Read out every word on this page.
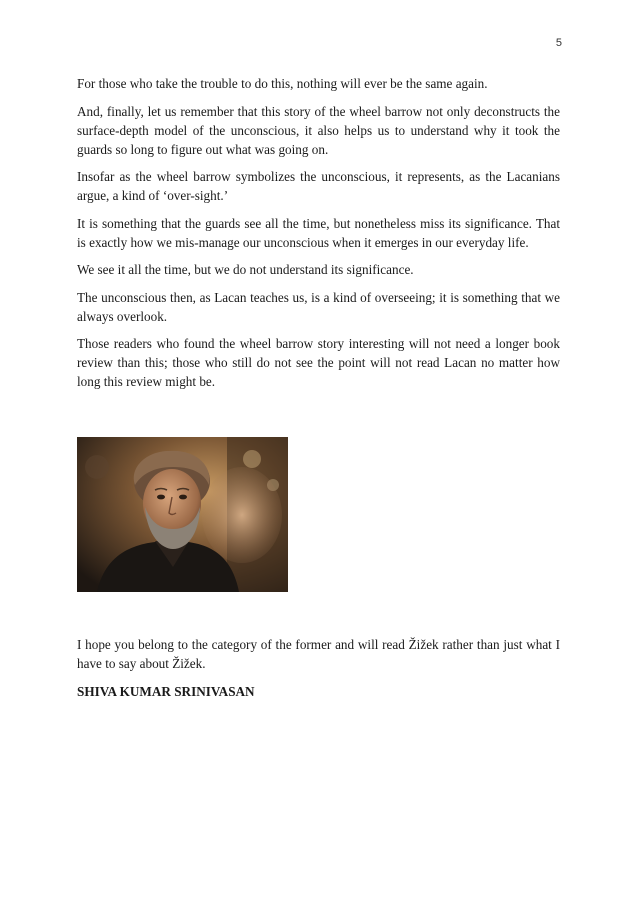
5

For those who take the trouble to do this, nothing will ever be the same again.

And, finally, let us remember that this story of the wheel barrow not only deconstructs the surface-depth model of the unconscious, it also helps us to understand why it took the guards so long to figure out what was going on.

Insofar as the wheel barrow symbolizes the unconscious, it represents, as the Lacanians argue, a kind of ‘over-sight.’

It is something that the guards see all the time, but nonetheless miss its significance. That is exactly how we mis-manage our unconscious when it emerges in our everyday life.

We see it all the time, but we do not understand its significance.

The unconscious then, as Lacan teaches us, is a kind of overseeing; it is something that we always overlook.

Those readers who found the wheel barrow story interesting will not need a longer book review than this; those who still do not see the point will not read Lacan no matter how long this review might be.

I hope you belong to the category of the former and will read Žižek rather than just what I have to say about Žižek.

SHIVA KUMAR SRINIVASAN
